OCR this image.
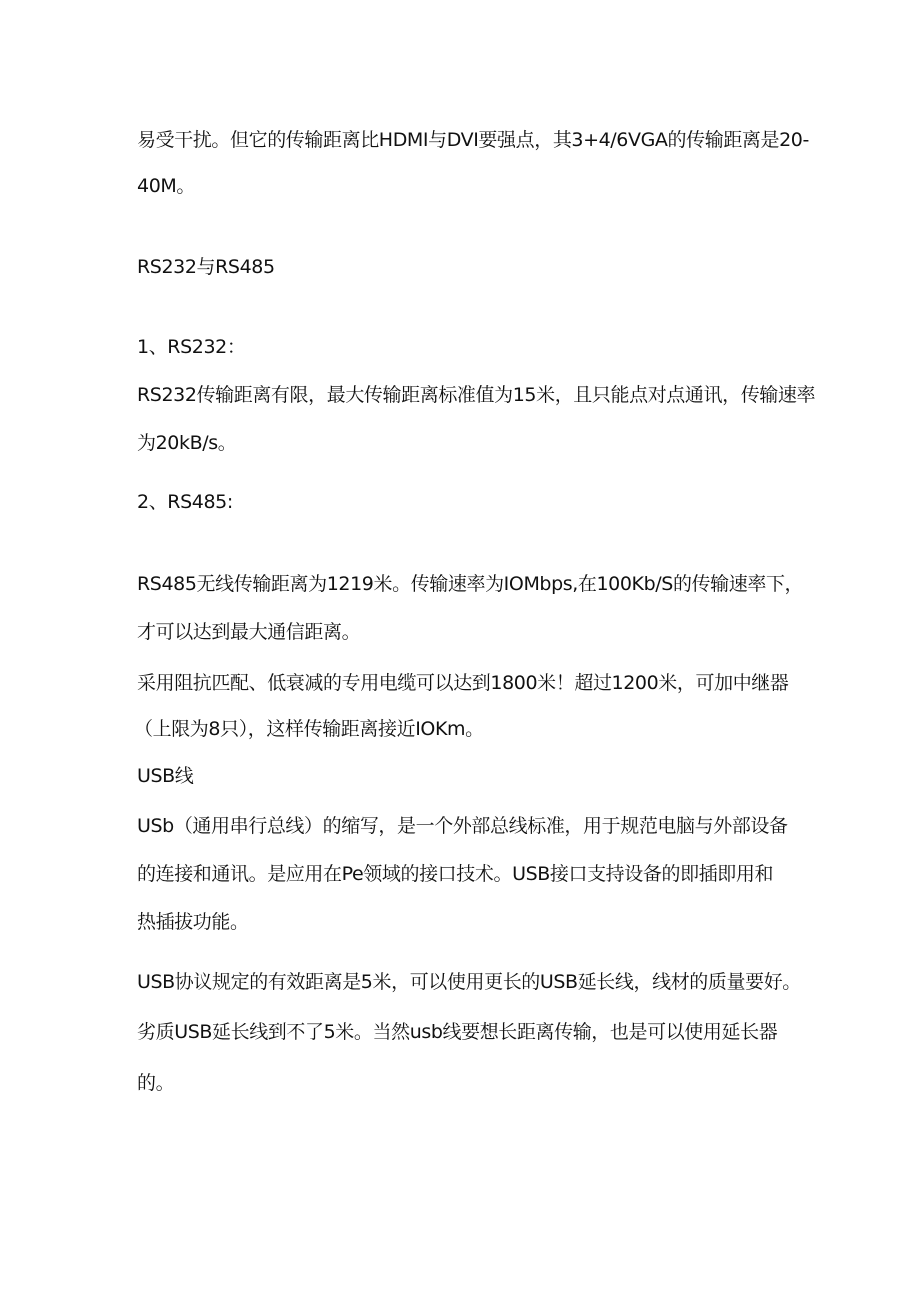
易受干扰。但它的传输距离比HDMI与DVI要强点，其3+4/6VGA的传输距离是20-
40M。
RS232与RS485
1、RS232：
RS232传输距离有限，最大传输距离标准值为15米，且只能点对点通讯，传输速率
为20kB/s。
2、RS485:
RS485无线传输距离为1219米。传输速率为IOMbps,在100Kb/S的传输速率下，
才可以达到最大通信距离。
采用阻抗匹配、低衰减的专用电缆可以达到1800米！超过1200米，可加中继器
（上限为8只），这样传输距离接近IOKm。
USB线
USb（通用串行总线）的缩写，是一个外部总线标准，用于规范电脑与外部设备
的连接和通讯。是应用在Pe领域的接口技术。USB接口支持设备的即插即用和
热插拔功能。
USB协议规定的有效距离是5米，可以使用更长的USB延长线，线材的质量要好。
劣质USB延长线到不了5米。当然usb线要想长距离传输，也是可以使用延长器
的。
